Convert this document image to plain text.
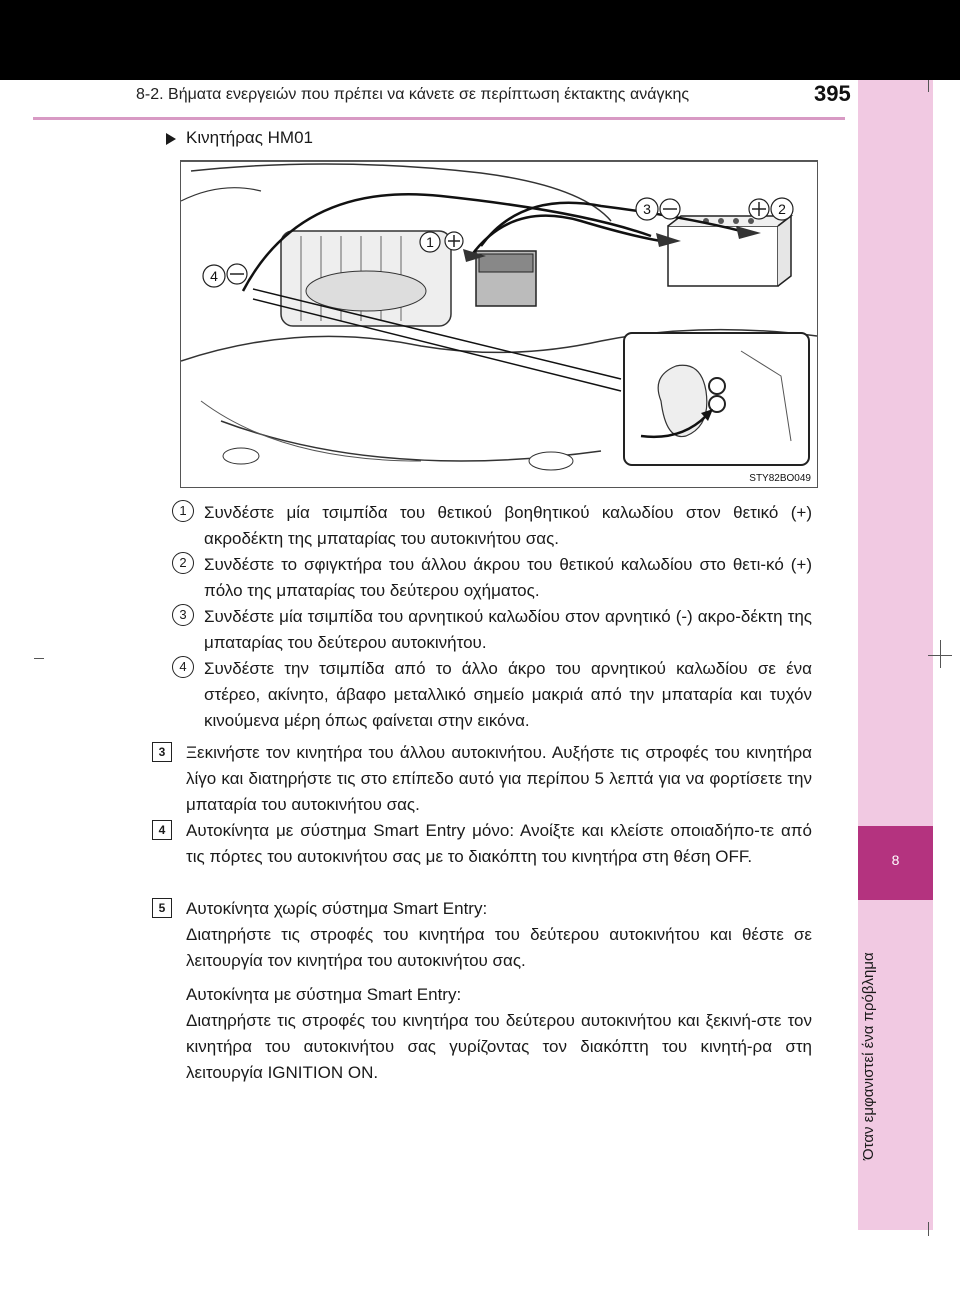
8-2. Βήματα ενεργειών που πρέπει να κάνετε σε περίπτωση έκτακτης ανάγκης	395
8
Όταν εμφανιστεί ένα πρόβλημα
Κινητήρας HM01
1
2
3
4
STY82BO049
1	Συνδέστε μία τσιμπίδα του θετικού βοηθητικού καλωδίου στον θετικό (+) ακροδέκτη της μπαταρίας του αυτοκινήτου σας.
2	Συνδέστε το σφιγκτήρα του άλλου άκρου του θετικού καλωδίου στο θετι-κό (+) πόλο της μπαταρίας του δεύτερου οχήματος.
3	Συνδέστε μία τσιμπίδα του αρνητικού καλωδίου στον αρνητικό (-) ακρο-δέκτη της μπαταρίας του δεύτερου αυτοκινήτου.
4	Συνδέστε την τσιμπίδα από το άλλο άκρο του αρνητικού καλωδίου σε ένα στέρεο, ακίνητο, άβαφο μεταλλικό σημείο μακριά από την μπαταρία και τυχόν κινούμενα μέρη όπως φαίνεται στην εικόνα.
3	Ξεκινήστε τον κινητήρα του άλλου αυτοκινήτου. Αυξήστε τις στροφές του κινητήρα λίγο και διατηρήστε τις στο επίπεδο αυτό για περίπου 5 λεπτά για να φορτίσετε την μπαταρία του αυτοκινήτου σας.

4	Αυτοκίνητα με σύστημα Smart Entry μόνο: Ανοίξτε και κλείστε οποιαδήπο-τε από τις πόρτες του αυτοκινήτου σας με το διακόπτη του κινητήρα στη θέση OFF.

5	Αυτοκίνητα χωρίς σύστημα Smart Entry:
Διατηρήστε τις στροφές του κινητήρα του δεύτερου αυτοκινήτου και θέστε σε λειτουργία τον κινητήρα του αυτοκινήτου σας.

Αυτοκίνητα με σύστημα Smart Entry:
Διατηρήστε τις στροφές του κινητήρα του δεύτερου αυτοκινήτου και ξεκινή-στε τον κινητήρα του αυτοκινήτου σας γυρίζοντας τον διακόπτη του κινητή-ρα στη λειτουργία IGNITION ON.
